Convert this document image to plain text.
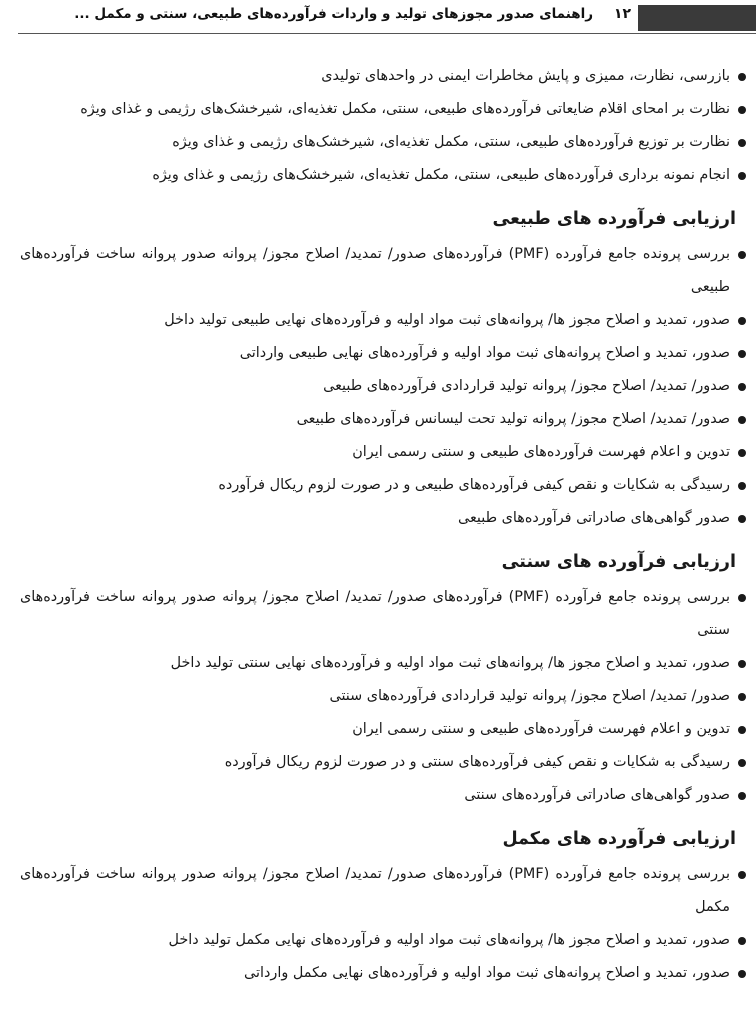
۱۲
راهنمای صدور مجوزهای تولید و واردات فرآورده‌های طبیعی، سنتی و مکمل ...
بازرسی، نظارت، ممیزی و پایش مخاطرات ایمنی در واحدهای تولیدی
نظارت بر امحای اقلام ضایعاتی فرآورده‌های طبیعی، سنتی، مکمل تغذیه‌ای، شیرخشک‌های رژیمی و غذای ویژه
نظارت بر توزیع فرآورده‌های طبیعی، سنتی، مکمل تغذیه‌ای، شیرخشک‌های رژیمی و غذای ویژه
انجام نمونه برداری فرآورده‌های طبیعی، سنتی، مکمل تغذیه‌ای، شیرخشک‌های رژیمی و غذای ویژه
ارزیابی فرآورده‌ های طبیعی
بررسی پرونده جامع فرآورده (PMF) فرآورده‌های صدور/ تمدید/ اصلاح مجوز/ پروانه صدور پروانه ساخت فرآورده‌های طبیعی
صدور، تمدید و اصلاح مجوز ها/ پروانه‌های ثبت مواد اولیه و فرآورده‌های نهایی طبیعی تولید داخل
صدور، تمدید و اصلاح پروانه‌های ثبت مواد اولیه و فرآورده‌های نهایی طبیعی وارداتی
صدور/ تمدید/ اصلاح مجوز/ پروانه تولید قراردادی فرآورده‌های طبیعی
صدور/ تمدید/ اصلاح مجوز/ پروانه تولید تحت لیسانس فرآورده‌های طبیعی
تدوین و اعلام فهرست فرآورده‌های طبیعی و سنتی رسمی ایران
رسیدگی به شکایات و نقص کیفی فرآورده‌های طبیعی و در صورت لزوم ریکال فرآورده
صدور گواهی‌های صادراتی فرآورده‌های طبیعی
ارزیابی فرآورده‌ های سنتی
بررسی پرونده جامع فرآورده (PMF) فرآورده‌های صدور/ تمدید/ اصلاح مجوز/ پروانه صدور پروانه ساخت فرآورده‌های سنتی
صدور، تمدید و اصلاح مجوز ها/ پروانه‌های ثبت مواد اولیه و فرآورده‌های نهایی سنتی تولید داخل
صدور/ تمدید/ اصلاح مجوز/ پروانه تولید قراردادی فرآورده‌های سنتی
تدوین و اعلام فهرست فرآورده‌های طبیعی و سنتی رسمی ایران
رسیدگی به شکایات و نقص کیفی فرآورده‌های سنتی و در صورت لزوم ریکال فرآورده
صدور گواهی‌های صادراتی فرآورده‌های سنتی
ارزیابی فرآورده‌ های مکمل
بررسی پرونده جامع فرآورده (PMF) فرآورده‌های صدور/ تمدید/ اصلاح مجوز/ پروانه صدور پروانه ساخت فرآورده‌های مکمل
صدور، تمدید و اصلاح مجوز ها/ پروانه‌های ثبت مواد اولیه و فرآورده‌های نهایی مکمل تولید داخل
صدور، تمدید و اصلاح پروانه‌های ثبت مواد اولیه و فرآورده‌های نهایی مکمل وارداتی
